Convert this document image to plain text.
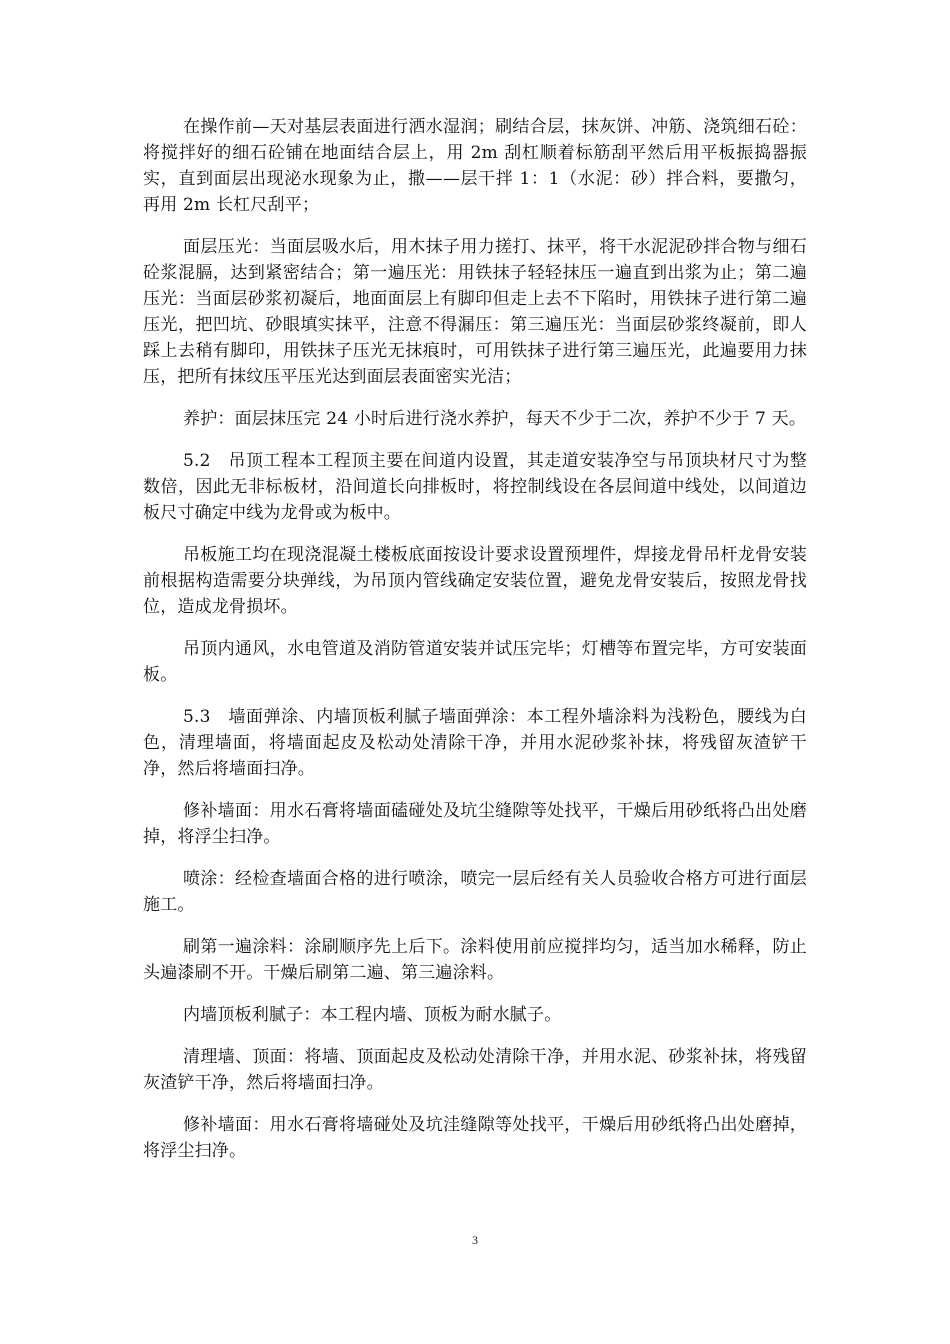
在操作前—天对基层表面进行洒水湿润；刷结合层，抹灰饼、冲筋、浇筑细石砼：将搅拌好的细石砼铺在地面结合层上，用 2m 刮杠顺着标筋刮平然后用平板振捣器振实，直到面层出现泌水现象为止，撒——层干拌 1：1（水泥：砂）拌合料，要撒匀，再用 2m 长杠尺刮平；

面层压光：当面层吸水后，用木抹子用力搓打、抹平，将干水泥泥砂拌合物与细石砼浆混膈，达到紧密结合；第一遍压光：用铁抹子轻轻抹压一遍直到出浆为止；第二遍压光：当面层砂浆初凝后，地面面层上有脚印但走上去不下陷时，用铁抹子进行第二遍压光，把凹坑、砂眼填实抹平，注意不得漏压：第三遍压光：当面层砂浆终凝前，即人踩上去稍有脚印，用铁抹子压光无抹痕时，可用铁抹子进行第三遍压光，此遍要用力抹压，把所有抹纹压平压光达到面层表面密实光洁；

养护：面层抹压完 24 小时后进行浇水养护，每天不少于二次，养护不少于 7 天。

5.2　吊顶工程本工程顶主要在间道内设置，其走道安装净空与吊顶块材尺寸为整数倍，因此无非标板材，沿间道长向排板时，将控制线设在各层间道中线处，以间道边板尺寸确定中线为龙骨或为板中。

吊板施工均在现浇混凝土楼板底面按设计要求设置预埋件，焊接龙骨吊杆龙骨安装前根据构造需要分块弹线，为吊顶内管线确定安装位置，避免龙骨安装后，按照龙骨找位，造成龙骨损坏。

吊顶内通风，水电管道及消防管道安装并试压完毕；灯槽等布置完毕，方可安装面板。

5.3　墙面弹涂、内墙顶板利腻子墙面弹涂：本工程外墙涂料为浅粉色，腰线为白色，清理墙面，将墙面起皮及松动处清除干净，并用水泥砂浆补抹，将残留灰渣铲干净，然后将墙面扫净。

修补墙面：用水石膏将墙面磕碰处及坑尘缝隙等处找平，干燥后用砂纸将凸出处磨掉，将浮尘扫净。

喷涂：经检查墙面合格的进行喷涂，喷完一层后经有关人员验收合格方可进行面层施工。

刷第一遍涂料：涂刷顺序先上后下。涂料使用前应搅拌均匀，适当加水稀释，防止头遍漆刷不开。干燥后刷第二遍、第三遍涂料。

内墙顶板利腻子：本工程内墙、顶板为耐水腻子。

清理墙、顶面：将墙、顶面起皮及松动处清除干净，并用水泥、砂浆补抹，将残留灰渣铲干净，然后将墙面扫净。

修补墙面：用水石膏将墙碰处及坑洼缝隙等处找平，干燥后用砂纸将凸出处磨掉，将浮尘扫净。

3
